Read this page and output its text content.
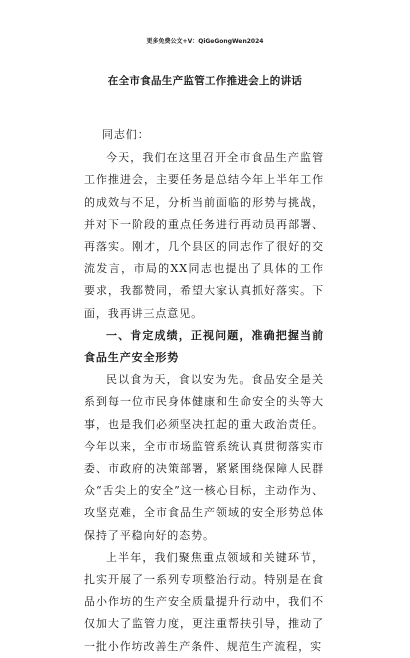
更多免费公文+V：QiGeGongWen2024
在全市食品生产监管工作推进会上的讲话

同志们：

今天，我们在这里召开全市食品生产监管工作推进会，主要任务是总结今年上半年工作的成效与不足，分析当前面临的形势与挑战，并对下一阶段的重点任务进行再动员再部署、再落实。刚才，几个县区的同志作了很好的交流发言，市局的XX同志也提出了具体的工作要求，我都赞同，希望大家认真抓好落实。下面，我再讲三点意见。

一、肯定成绩，正视问题，准确把握当前食品生产安全形势

民以食为天，食以安为先。食品安全是关系到每一位市民身体健康和生命安全的头等大事，也是我们必须坚决扛起的重大政治责任。今年以来，全市市场监管系统认真贯彻落实市委、市政府的决策部署，紧紧围绕保障人民群众“舌尖上的安全”这一核心目标，主动作为、攻坚克难，全市食品生产领域的安全形势总体保持了平稳向好的态势。

上半年，我们聚焦重点领域和关键环节，扎实开展了一系列专项整治行动。特别是在食品小作坊的生产安全质量提升行动中，我们不仅加大了监管力度，更注重帮扶引导，推动了一批小作坊改善生产条件、规范生产流程，实
